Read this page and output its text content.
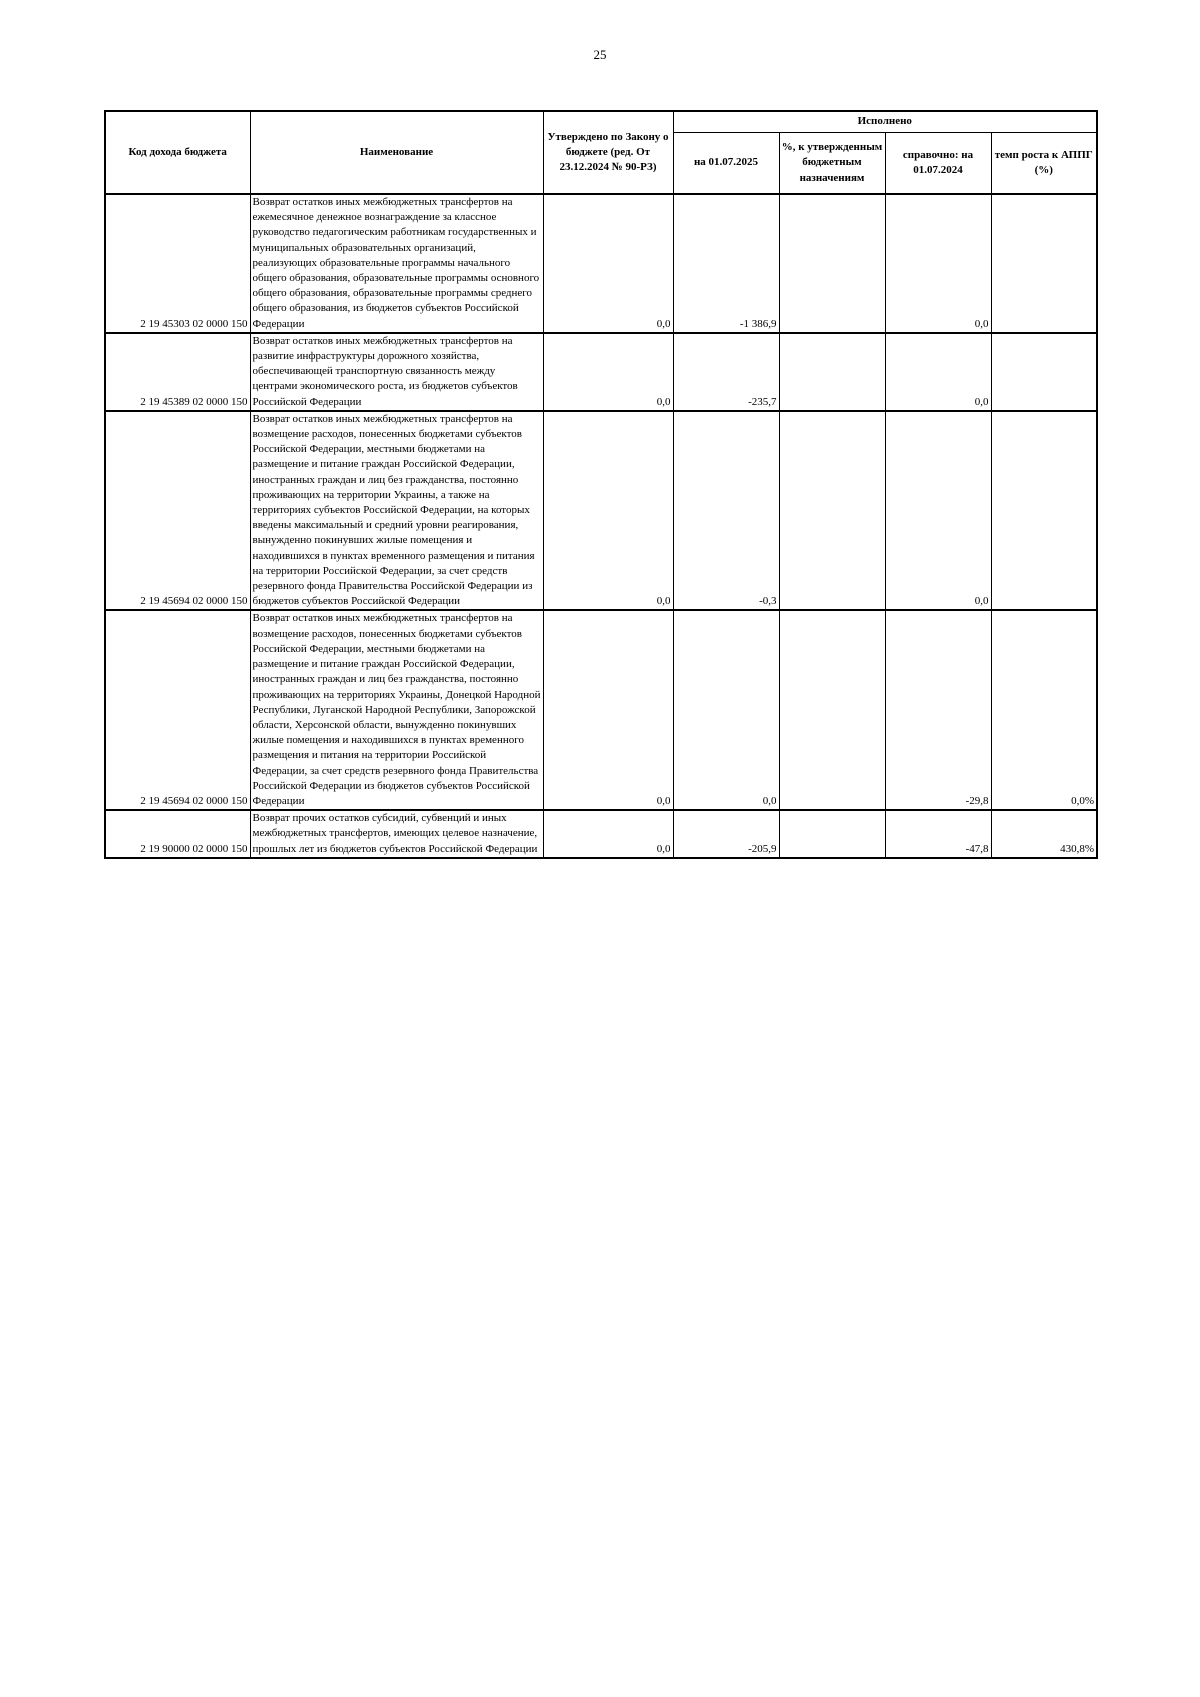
25
Код дохода бюджета	Наименование	Утверждено по Закону о бюджете (ред. От 23.12.2024 № 90-РЗ)	Исполнено			
			на 01.07.2025	%, к утвержденным бюджетным назначениям	справочно: на 01.07.2024	темп роста к АППГ (%)
2 19 45303 02 0000 150	Возврат остатков иных межбюджетных трансфертов на ежемесячное денежное вознаграждение за классное руководство педагогическим работникам государственных и муниципальных образовательных организаций, реализующих образовательные программы начального общего образования, образовательные программы основного общего образования, образовательные программы среднего общего образования, из бюджетов субъектов Российской Федерации	0,0	-1 386,9		0,0	
2 19 45389 02 0000 150	Возврат остатков иных межбюджетных трансфертов на развитие инфраструктуры дорожного хозяйства, обеспечивающей транспортную связанность между центрами экономического роста, из бюджетов субъектов Российской Федерации	0,0	-235,7		0,0	
2 19 45694 02 0000 150	Возврат остатков иных межбюджетных трансфертов на возмещение расходов, понесенных бюджетами субъектов Российской Федерации, местными бюджетами на размещение и питание граждан Российской Федерации, иностранных граждан и лиц без гражданства, постоянно проживающих на территории Украины, а также на территориях субъектов Российской Федерации, на которых введены максимальный и средний уровни реагирования, вынужденно покинувших жилые помещения и находившихся в пунктах временного размещения и питания на территории Российской Федерации, за счет средств резервного фонда Правительства Российской Федерации из бюджетов субъектов Российской Федерации	0,0	-0,3		0,0	
2 19 45694 02 0000 150	Возврат остатков иных межбюджетных трансфертов на возмещение расходов, понесенных бюджетами субъектов Российской Федерации, местными бюджетами на размещение и питание граждан Российской Федерации, иностранных граждан и лиц без гражданства, постоянно проживающих на территориях Украины, Донецкой Народной Республики, Луганской Народной Республики, Запорожской области, Херсонской области, вынужденно покинувших жилые помещения и находившихся в пунктах временного размещения и питания на территории Российской Федерации, за счет средств резервного фонда Правительства Российской Федерации из бюджетов субъектов Российской Федерации	0,0	0,0		-29,8	0,0%
2 19 90000 02 0000 150	Возврат прочих остатков субсидий, субвенций и иных межбюджетных трансфертов, имеющих целевое назначение, прошлых лет из бюджетов субъектов Российской Федерации	0,0	-205,9		-47,8	430,8%
